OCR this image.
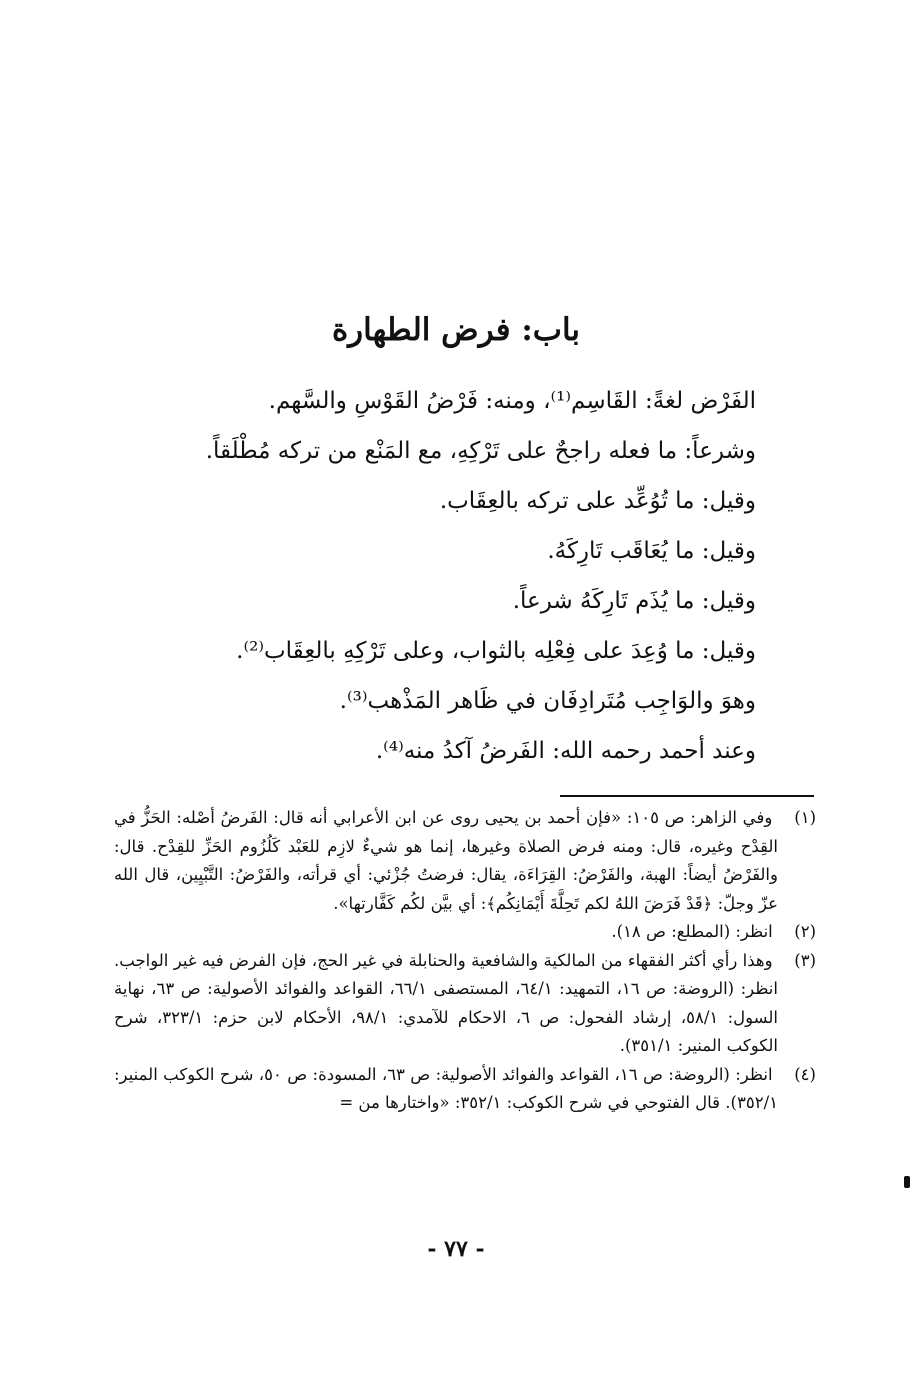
باب: فرض الطهارة
الفَرْض لغةً: القَاسِم⁽¹⁾، ومنه: فَرْضُ القَوْسِ والسَّهم.
وشرعاً: ما فعله راجحٌ على تَرْكِهِ، مع المَنْع من تركه مُطْلَقاً.
وقيل: ما تُوُعِّد على تركه بالعِقَاب.
وقيل: ما يُعَاقَب تَارِكَهُ.
وقيل: ما يُذَم تَارِكَهُ شرعاً.
وقيل: ما وُعِدَ على فِعْلِه بالثواب، وعلى تَرْكِهِ بالعِقَاب⁽²⁾.
وهوَ والوَاجِب مُتَرادِفَان في ظَاهر المَذْهب⁽³⁾.
وعند أحمد رحمه الله: الفَرضُ آكدُ منه⁽⁴⁾.
(١) وفي الزاهر: ص ١٠٥: «فإن أحمد بن يحيى روى عن ابن الأعرابي أنه قال: الفَرضُ أصْله: الحَزُّ في القِدْح وغيره، قال: ومنه فرض الصلاة وغيرها، إنما هو شيءٌ لازِم للعَبْد كَلُزُوم الحَزِّ للقِدْح. قال: والفَرْضُ أيضاً: الهبة، والفَرْضُ: القِرَاءَة، يقال: فرضتُ جُزْئي: أي قرأته، والفَرْضُ: التَّبْيِين، قال الله عزّ وجلّ: ﴿قَدْ فَرَضَ اللهُ لكم تَحِلَّةَ أَيْمَانِكُم﴾: أي بيَّن لكُم كَفَّارتها».
(٢) انظر: (المطلع: ص ١٨).
(٣) وهذا رأي أكثر الفقهاء من المالكية والشافعية والحنابلة في غير الحج، فإن الفرض فيه غير الواجب. انظر: (الروضة: ص ١٦، التمهيد: ٦٤/١، المستصفى ٦٦/١، القواعد والفوائد الأصولية: ص ٦٣، نهاية السول: ٥٨/١، إرشاد الفحول: ص ٦، الاحكام للآمدي: ٩٨/١، الأحكام لابن حزم: ٣٢٣/١، شرح الكوكب المنير: ٣٥١/١).
(٤) انظر: (الروضة: ص ١٦، القواعد والفوائد الأصولية: ص ٦٣، المسودة: ص ٥٠، شرح الكوكب المنير: ٣٥٢/١). قال الفتوحي في شرح الكوكب: ٣٥٢/١: «واختارها من =
- ٧٧ -
